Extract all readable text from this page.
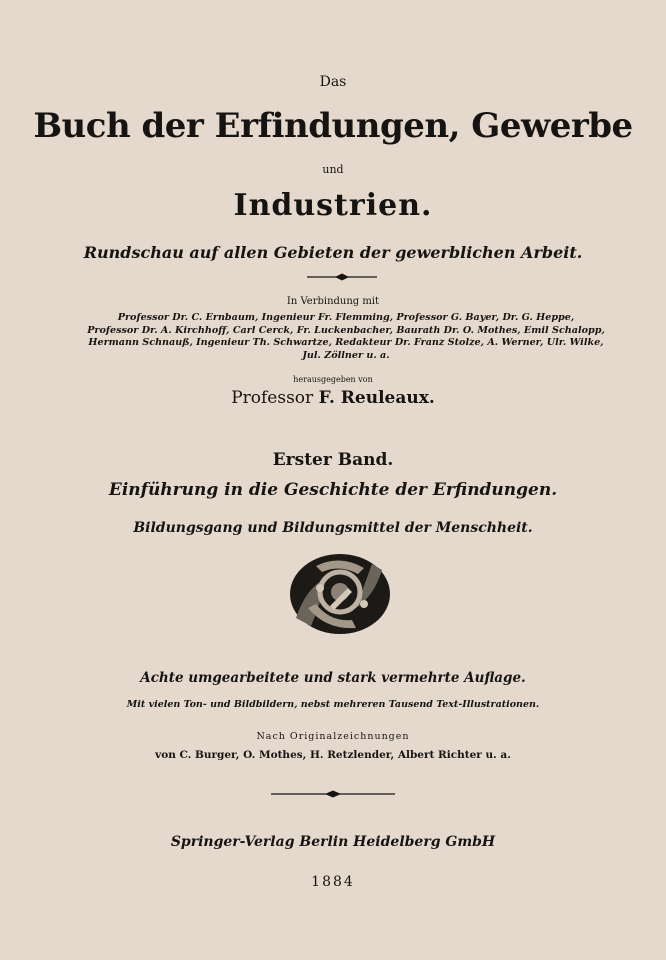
Das
Buch der Erfindungen, Gewerbe
und
Industrien.
Rundschau auf allen Gebieten der gewerblichen Arbeit.
In Verbindung mit
Professor Dr. C. Ernbaum, Ingenieur Fr. Flemming, Professor G. Bayer, Dr. G. Heppe,
Professor Dr. A. Kirchhoff, Carl Cerck, Fr. Luckenbacher, Baurath Dr. O. Mothes, Emil Schalopp,
Hermann Schnauß, Ingenieur Th. Schwartze, Redakteur Dr. Franz Stolze, A. Werner, Ulr. Wilke,
Jul. Zöllner u. a.
herausgegeben von
Professor F. Reuleaux.
Erster Band.
Einführung in die Geschichte der Erfindungen.
Bildungsgang und Bildungsmittel der Menschheit.
Achte umgearbeitete und stark vermehrte Auflage.
Mit vielen Ton- und Bildbildern, nebst mehreren Tausend Text-Illustrationen.
Nach Originalzeichnungen
von C. Burger, O. Mothes, H. Retzlender, Albert Richter u. a.
Springer-Verlag Berlin Heidelberg GmbH
1884
